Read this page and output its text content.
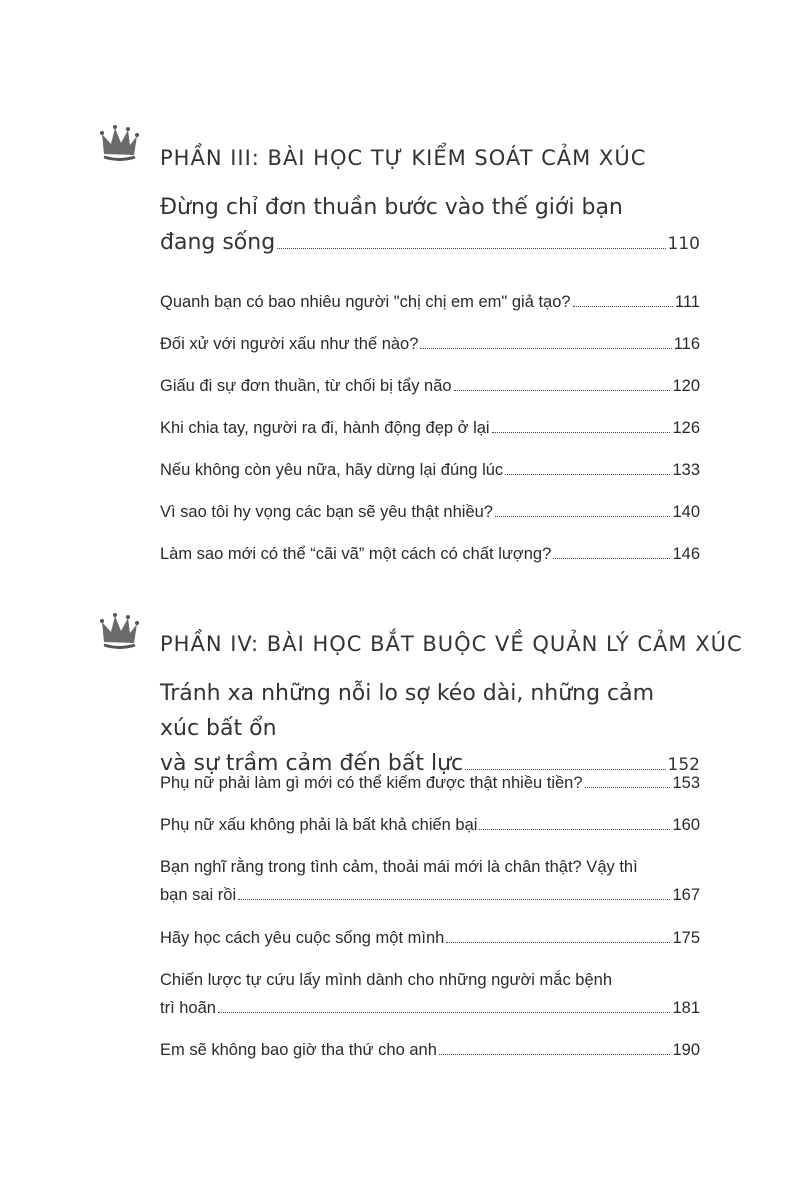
PHẦN III: BÀI HỌC TỰ KIỂM SOÁT CẢM XÚC
Đừng chỉ đơn thuần bước vào thế giới bạn
đang sống	110
Quanh bạn có bao nhiêu người "chị chị em em" giả tạo?	111
Đối xử với người xấu như thế nào?	116
Giấu đi sự đơn thuần, từ chối bị tẩy não	120
Khi chia tay, người ra đi, hành động đẹp ở lại	126
Nếu không còn yêu nữa, hãy dừng lại đúng lúc	133
Vì sao tôi hy vọng các bạn sẽ yêu thật nhiều?	140
Làm sao mới có thể “cãi vã” một cách có chất lượng?	146
PHẦN IV: BÀI HỌC BẮT BUỘC VỀ QUẢN LÝ CẢM XÚC
Tránh xa những nỗi lo sợ kéo dài, những cảm xúc bất ổn
và sự trầm cảm đến bất lực	152
Phụ nữ phải làm gì mới có thể kiếm được thật nhiều tiền?	153
Phụ nữ xấu không phải là bất khả chiến bại	160
Bạn nghĩ rằng trong tình cảm, thoải mái mới là chân thật? Vậy thì
bạn sai rồi	167
Hãy học cách yêu cuộc sống một mình	175
Chiến lược tự cứu lấy mình dành cho những người mắc bệnh
trì hoãn	181
Em sẽ không bao giờ tha thứ cho anh	190
